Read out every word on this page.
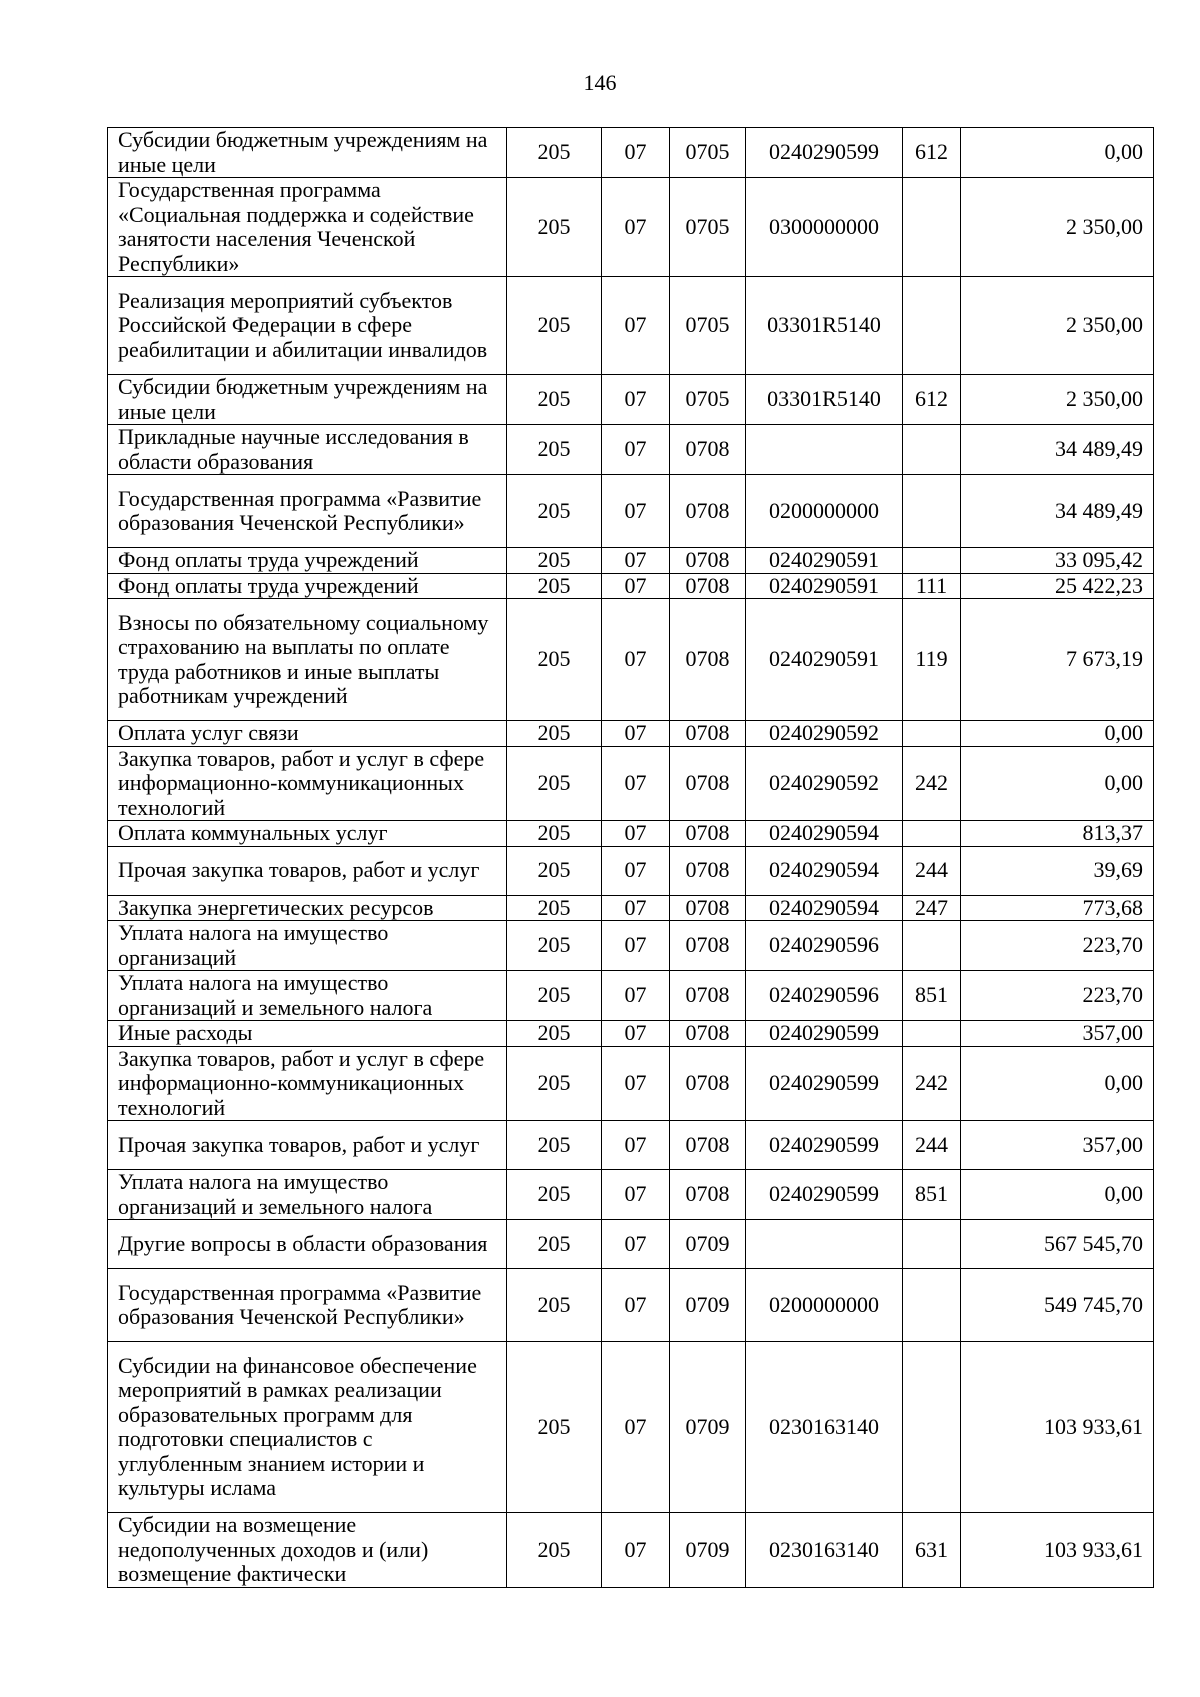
146
Субсидии бюджетным учреждениям на иные цели	205	07	0705	0240290599	612	0,00
Государственная программа «Социальная поддержка и содействие занятости населения Чеченской Республики»	205	07	0705	0300000000		2 350,00
Реализация мероприятий субъектов Российской Федерации в сфере реабилитации и абилитации инвалидов	205	07	0705	03301R5140		2 350,00
Субсидии бюджетным учреждениям на иные цели	205	07	0705	03301R5140	612	2 350,00
Прикладные научные исследования в области образования	205	07	0708			34 489,49
Государственная программа «Развитие образования Чеченской Республики»	205	07	0708	0200000000		34 489,49
Фонд оплаты труда учреждений	205	07	0708	0240290591		33 095,42
Фонд оплаты труда учреждений	205	07	0708	0240290591	111	25 422,23
Взносы по обязательному социальному страхованию на выплаты по оплате труда работников и иные выплаты работникам учреждений	205	07	0708	0240290591	119	7 673,19
Оплата услуг связи	205	07	0708	0240290592		0,00
Закупка товаров, работ и услуг в сфере информационно-коммуникационных технологий	205	07	0708	0240290592	242	0,00
Оплата коммунальных услуг	205	07	0708	0240290594		813,37
Прочая закупка товаров, работ и услуг	205	07	0708	0240290594	244	39,69
Закупка энергетических ресурсов	205	07	0708	0240290594	247	773,68
Уплата налога на имущество организаций	205	07	0708	0240290596		223,70
Уплата налога на имущество организаций и земельного налога	205	07	0708	0240290596	851	223,70
Иные расходы	205	07	0708	0240290599		357,00
Закупка товаров, работ и услуг в сфере информационно-коммуникационных технологий	205	07	0708	0240290599	242	0,00
Прочая закупка товаров, работ и услуг	205	07	0708	0240290599	244	357,00
Уплата налога на имущество организаций и земельного налога	205	07	0708	0240290599	851	0,00
Другие вопросы в области образования	205	07	0709			567 545,70
Государственная программа «Развитие образования Чеченской Республики»	205	07	0709	0200000000		549 745,70
Субсидии на финансовое обеспечение мероприятий в рамках реализации образовательных программ для подготовки специалистов с углубленным знанием истории и культуры ислама	205	07	0709	0230163140		103 933,61
Субсидии на возмещение недополученных доходов и (или) возмещение фактически	205	07	0709	0230163140	631	103 933,61
